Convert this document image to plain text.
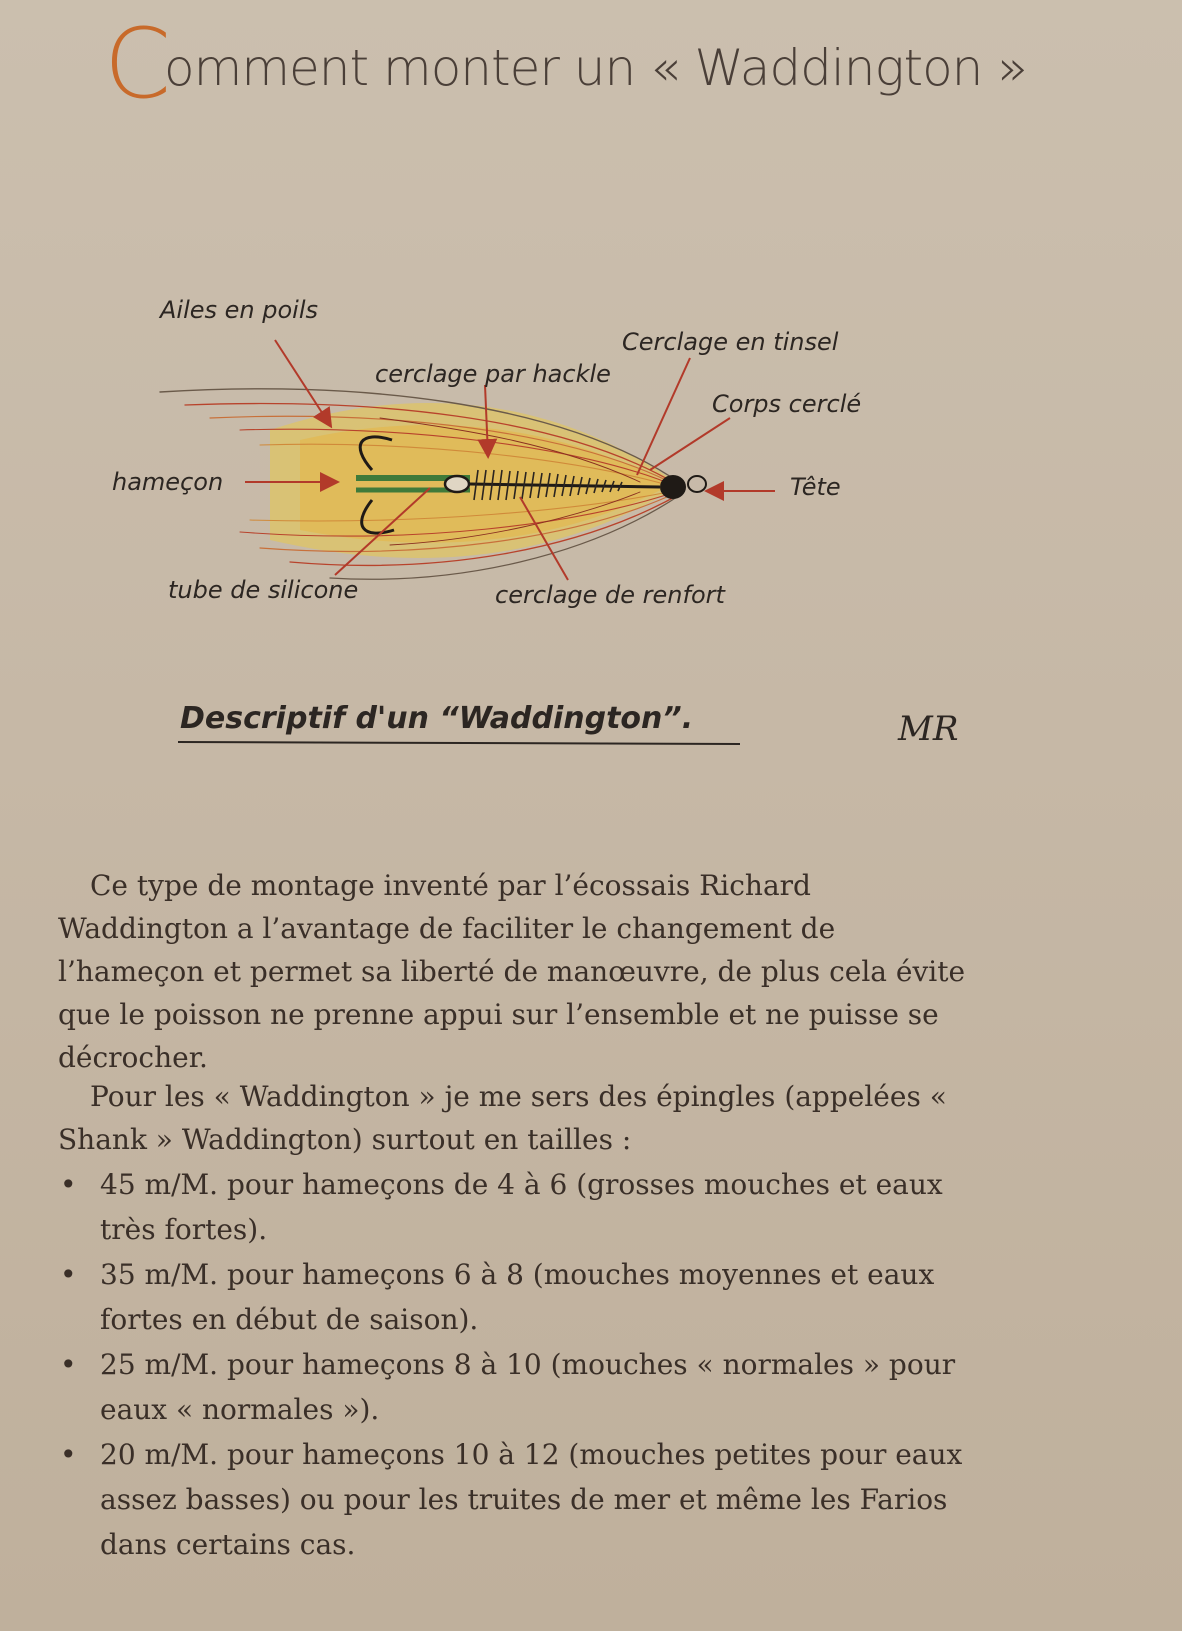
Comment monter un « Waddington »
Ailes en poils
cerclage par hackle
Cerclage en tinsel
Corps cerclé
hameçon	Tête
tube de silicone	cerclage de renfort
Descriptif d'un “Waddington”.	MR

Ce type de montage inventé par l’écossais Richard Waddington a l’avantage de faciliter le changement de l’hameçon et permet sa liberté de manœuvre, de plus cela évite que le poisson ne prenne appui sur l’ensemble et ne puisse se décrocher.

Pour les « Waddington » je me sers des épingles (appelées « Shank » Waddington) surtout en tailles :

• 45 m/M. pour hameçons de 4 à 6 (grosses mouches et eaux très fortes).
• 35 m/M. pour hameçons 6 à 8 (mouches moyennes et eaux fortes en début de saison).
• 25 m/M. pour hameçons 8 à 10 (mouches « normales » pour eaux « normales »).
• 20 m/M. pour hameçons 10 à 12 (mouches petites pour eaux assez basses) ou pour les truites de mer et même les Farios dans certains cas.
